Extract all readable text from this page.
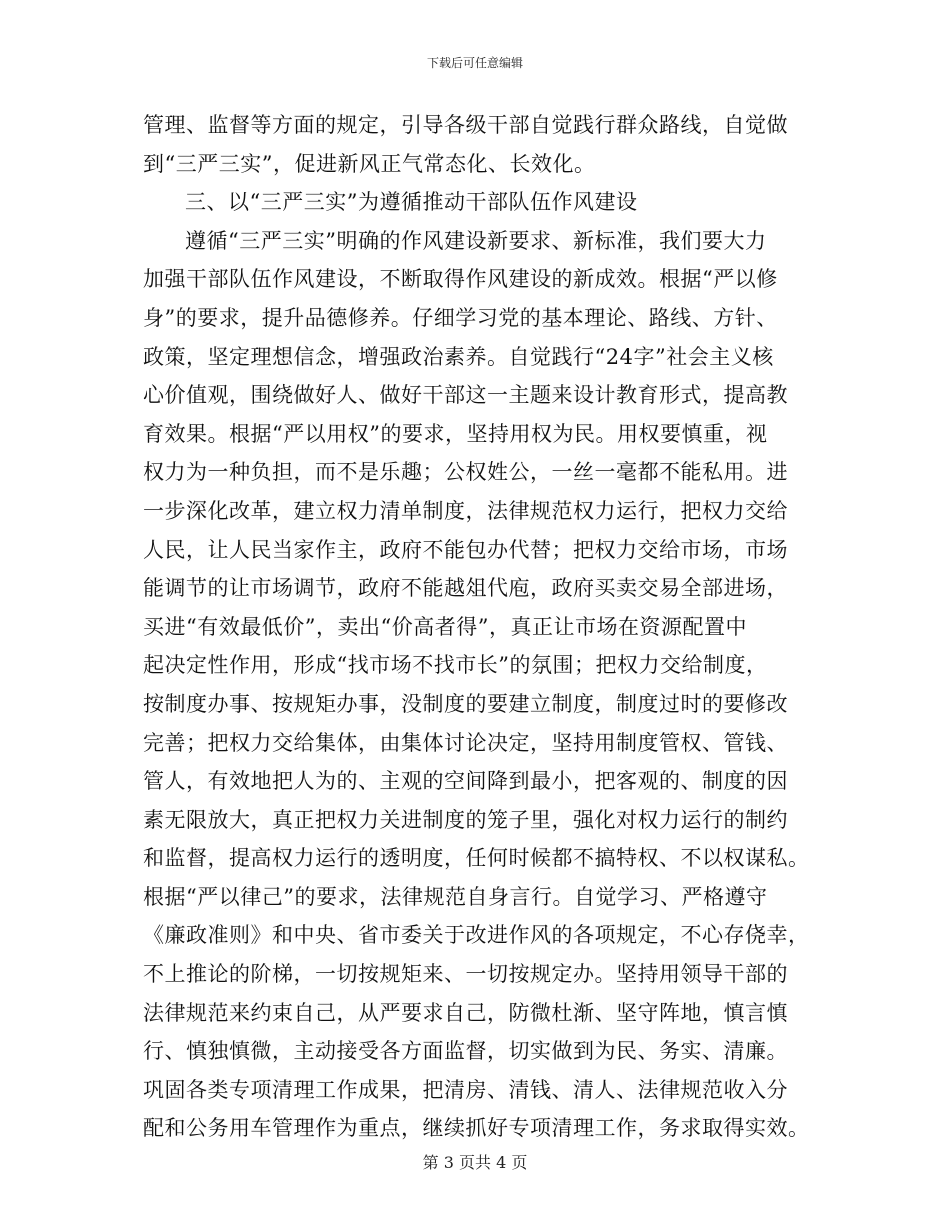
下载后可任意编辑
管理、监督等方面的规定，引导各级干部自觉践行群众路线，自觉做
到“三严三实”，促进新风正气常态化、长效化。
三、以“三严三实”为遵循推动干部队伍作风建设
遵循“三严三实”明确的作风建设新要求、新标准，我们要大力
加强干部队伍作风建设，不断取得作风建设的新成效。根据“严以修
身”的要求，提升品德修养。仔细学习党的基本理论、路线、方针、
政策，坚定理想信念，增强政治素养。自觉践行“24字”社会主义核
心价值观，围绕做好人、做好干部这一主题来设计教育形式，提高教
育效果。根据“严以用权”的要求，坚持用权为民。用权要慎重，视
权力为一种负担，而不是乐趣；公权姓公，一丝一毫都不能私用。进
一步深化改革，建立权力清单制度，法律规范权力运行，把权力交给
人民，让人民当家作主，政府不能包办代替；把权力交给市场，市场
能调节的让市场调节，政府不能越俎代庖，政府买卖交易全部进场，
买进“有效最低价”，卖出“价高者得”，真正让市场在资源配置中
起决定性作用，形成“找市场不找市长”的氛围；把权力交给制度，
按制度办事、按规矩办事，没制度的要建立制度，制度过时的要修改
完善；把权力交给集体，由集体讨论决定，坚持用制度管权、管钱、
管人，有效地把人为的、主观的空间降到最小，把客观的、制度的因
素无限放大，真正把权力关进制度的笼子里，强化对权力运行的制约
和监督，提高权力运行的透明度，任何时候都不搞特权、不以权谋私。
根据“严以律己”的要求，法律规范自身言行。自觉学习、严格遵守
《廉政准则》和中央、省市委关于改进作风的各项规定，不心存侥幸，
不上推论的阶梯，一切按规矩来、一切按规定办。坚持用领导干部的
法律规范来约束自己，从严要求自己，防微杜渐、坚守阵地，慎言慎
行、慎独慎微，主动接受各方面监督，切实做到为民、务实、清廉。
巩固各类专项清理工作成果，把清房、清钱、清人、法律规范收入分
配和公务用车管理作为重点，继续抓好专项清理工作，务求取得实效。
第 3 页共 4 页
